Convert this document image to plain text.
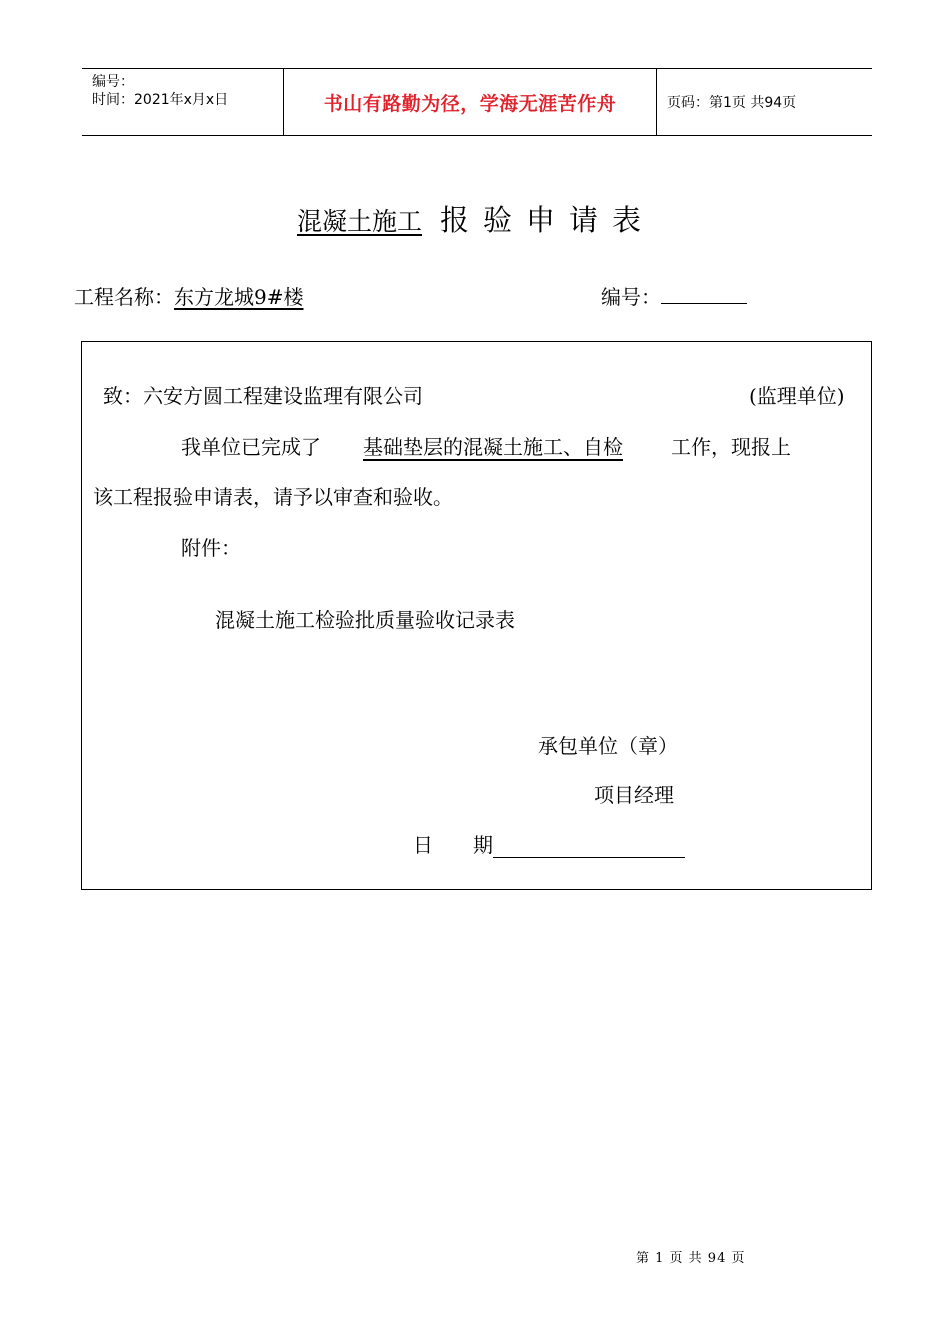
编号：
时间：2021年x月x日	书山有路勤为径，学海无涯苦作舟	页码：第1页 共94页
混凝土施工 报验申请表
工程名称：东方龙城9#楼	编号：
致：六安方圆工程建设监理有限公司	(监理单位)
我单位已完成了 基础垫层的混凝土施工、自检 工作，现报上
该工程报验申请表，请予以审查和验收。
附件：
混凝土施工检验批质量验收记录表
承包单位（章）
项目经理
日　　期
第 1 页 共 94 页
